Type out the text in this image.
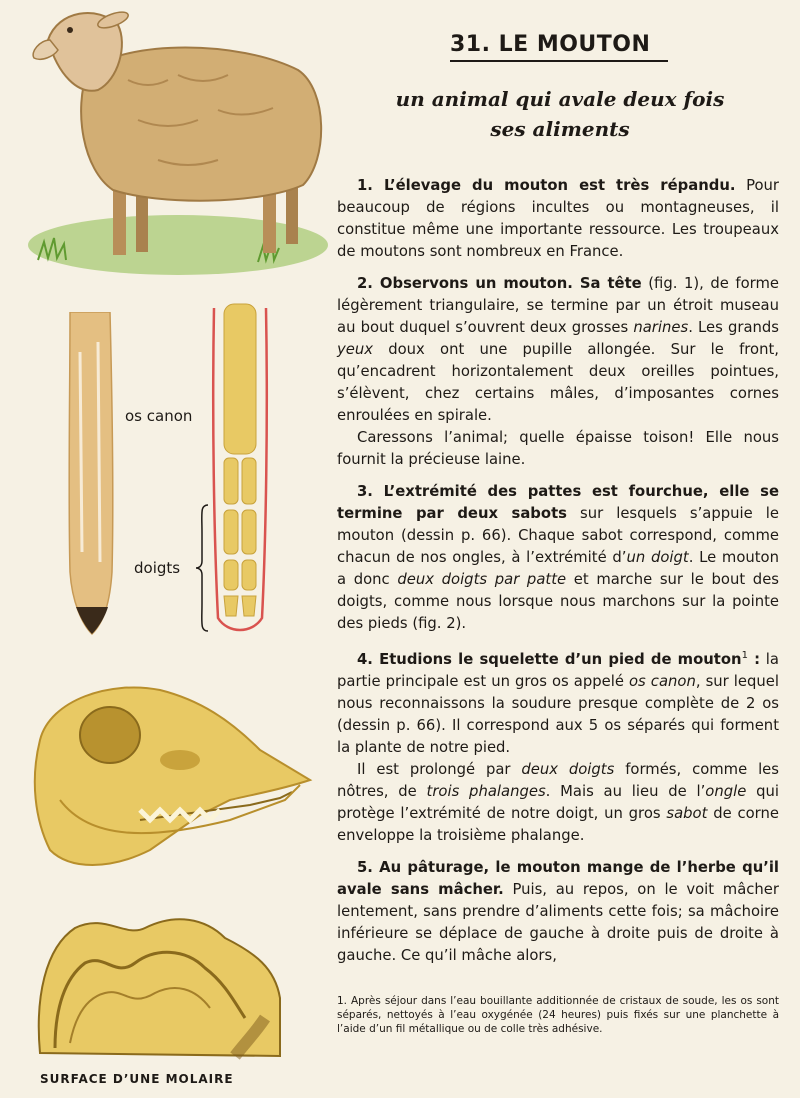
os canon
doigts
SURFACE D’UNE MOLAIRE
31. LE MOUTON
un animal qui avale deux fois
ses aliments

1. L’élevage du mouton est très répandu. Pour beaucoup de régions incultes ou montagneuses, il constitue même une importante ressource. Les troupeaux de moutons sont nombreux en France.

2. Observons un mouton. Sa tête (fig. 1), de forme légèrement triangulaire, se termine par un étroit museau au bout duquel s’ouvrent deux grosses narines. Les grands yeux doux ont une pupille allongée. Sur le front, qu’encadrent horizontalement deux oreilles pointues, s’élèvent, chez certains mâles, d’imposantes cornes enroulées en spirale.

Caressons l’animal; quelle épaisse toison! Elle nous fournit la précieuse laine.

3. L’extrémité des pattes est fourchue, elle se termine par deux sabots sur lesquels s’appuie le mouton (dessin p. 66). Chaque sabot correspond, comme chacun de nos ongles, à l’extrémité d’un doigt. Le mouton a donc deux doigts par patte et marche sur le bout des doigts, comme nous lorsque nous marchons sur la pointe des pieds (fig. 2).

4. Etudions le squelette d’un pied de mouton$^1$ : la partie principale est un gros os appelé os canon, sur lequel nous reconnaissons la soudure presque complète de 2 os (dessin p. 66). Il correspond aux 5 os séparés qui forment la plante de notre pied.

Il est prolongé par deux doigts formés, comme les nôtres, de trois phalanges. Mais au lieu de l’ongle qui protège l’extrémité de notre doigt, un gros sabot de corne enveloppe la troisième phalange.

5. Au pâturage, le mouton mange de l’herbe qu’il avale sans mâcher. Puis, au repos, on le voit mâcher lentement, sans prendre d’aliments cette fois; sa mâchoire inférieure se déplace de gauche à droite puis de droite à gauche. Ce qu’il mâche alors,

1. Après séjour dans l’eau bouillante additionnée de cristaux de soude, les os sont séparés, nettoyés à l’eau oxygénée (24 heures) puis fixés sur une planchette à l’aide d’un fil métallique ou de colle très adhésive.
